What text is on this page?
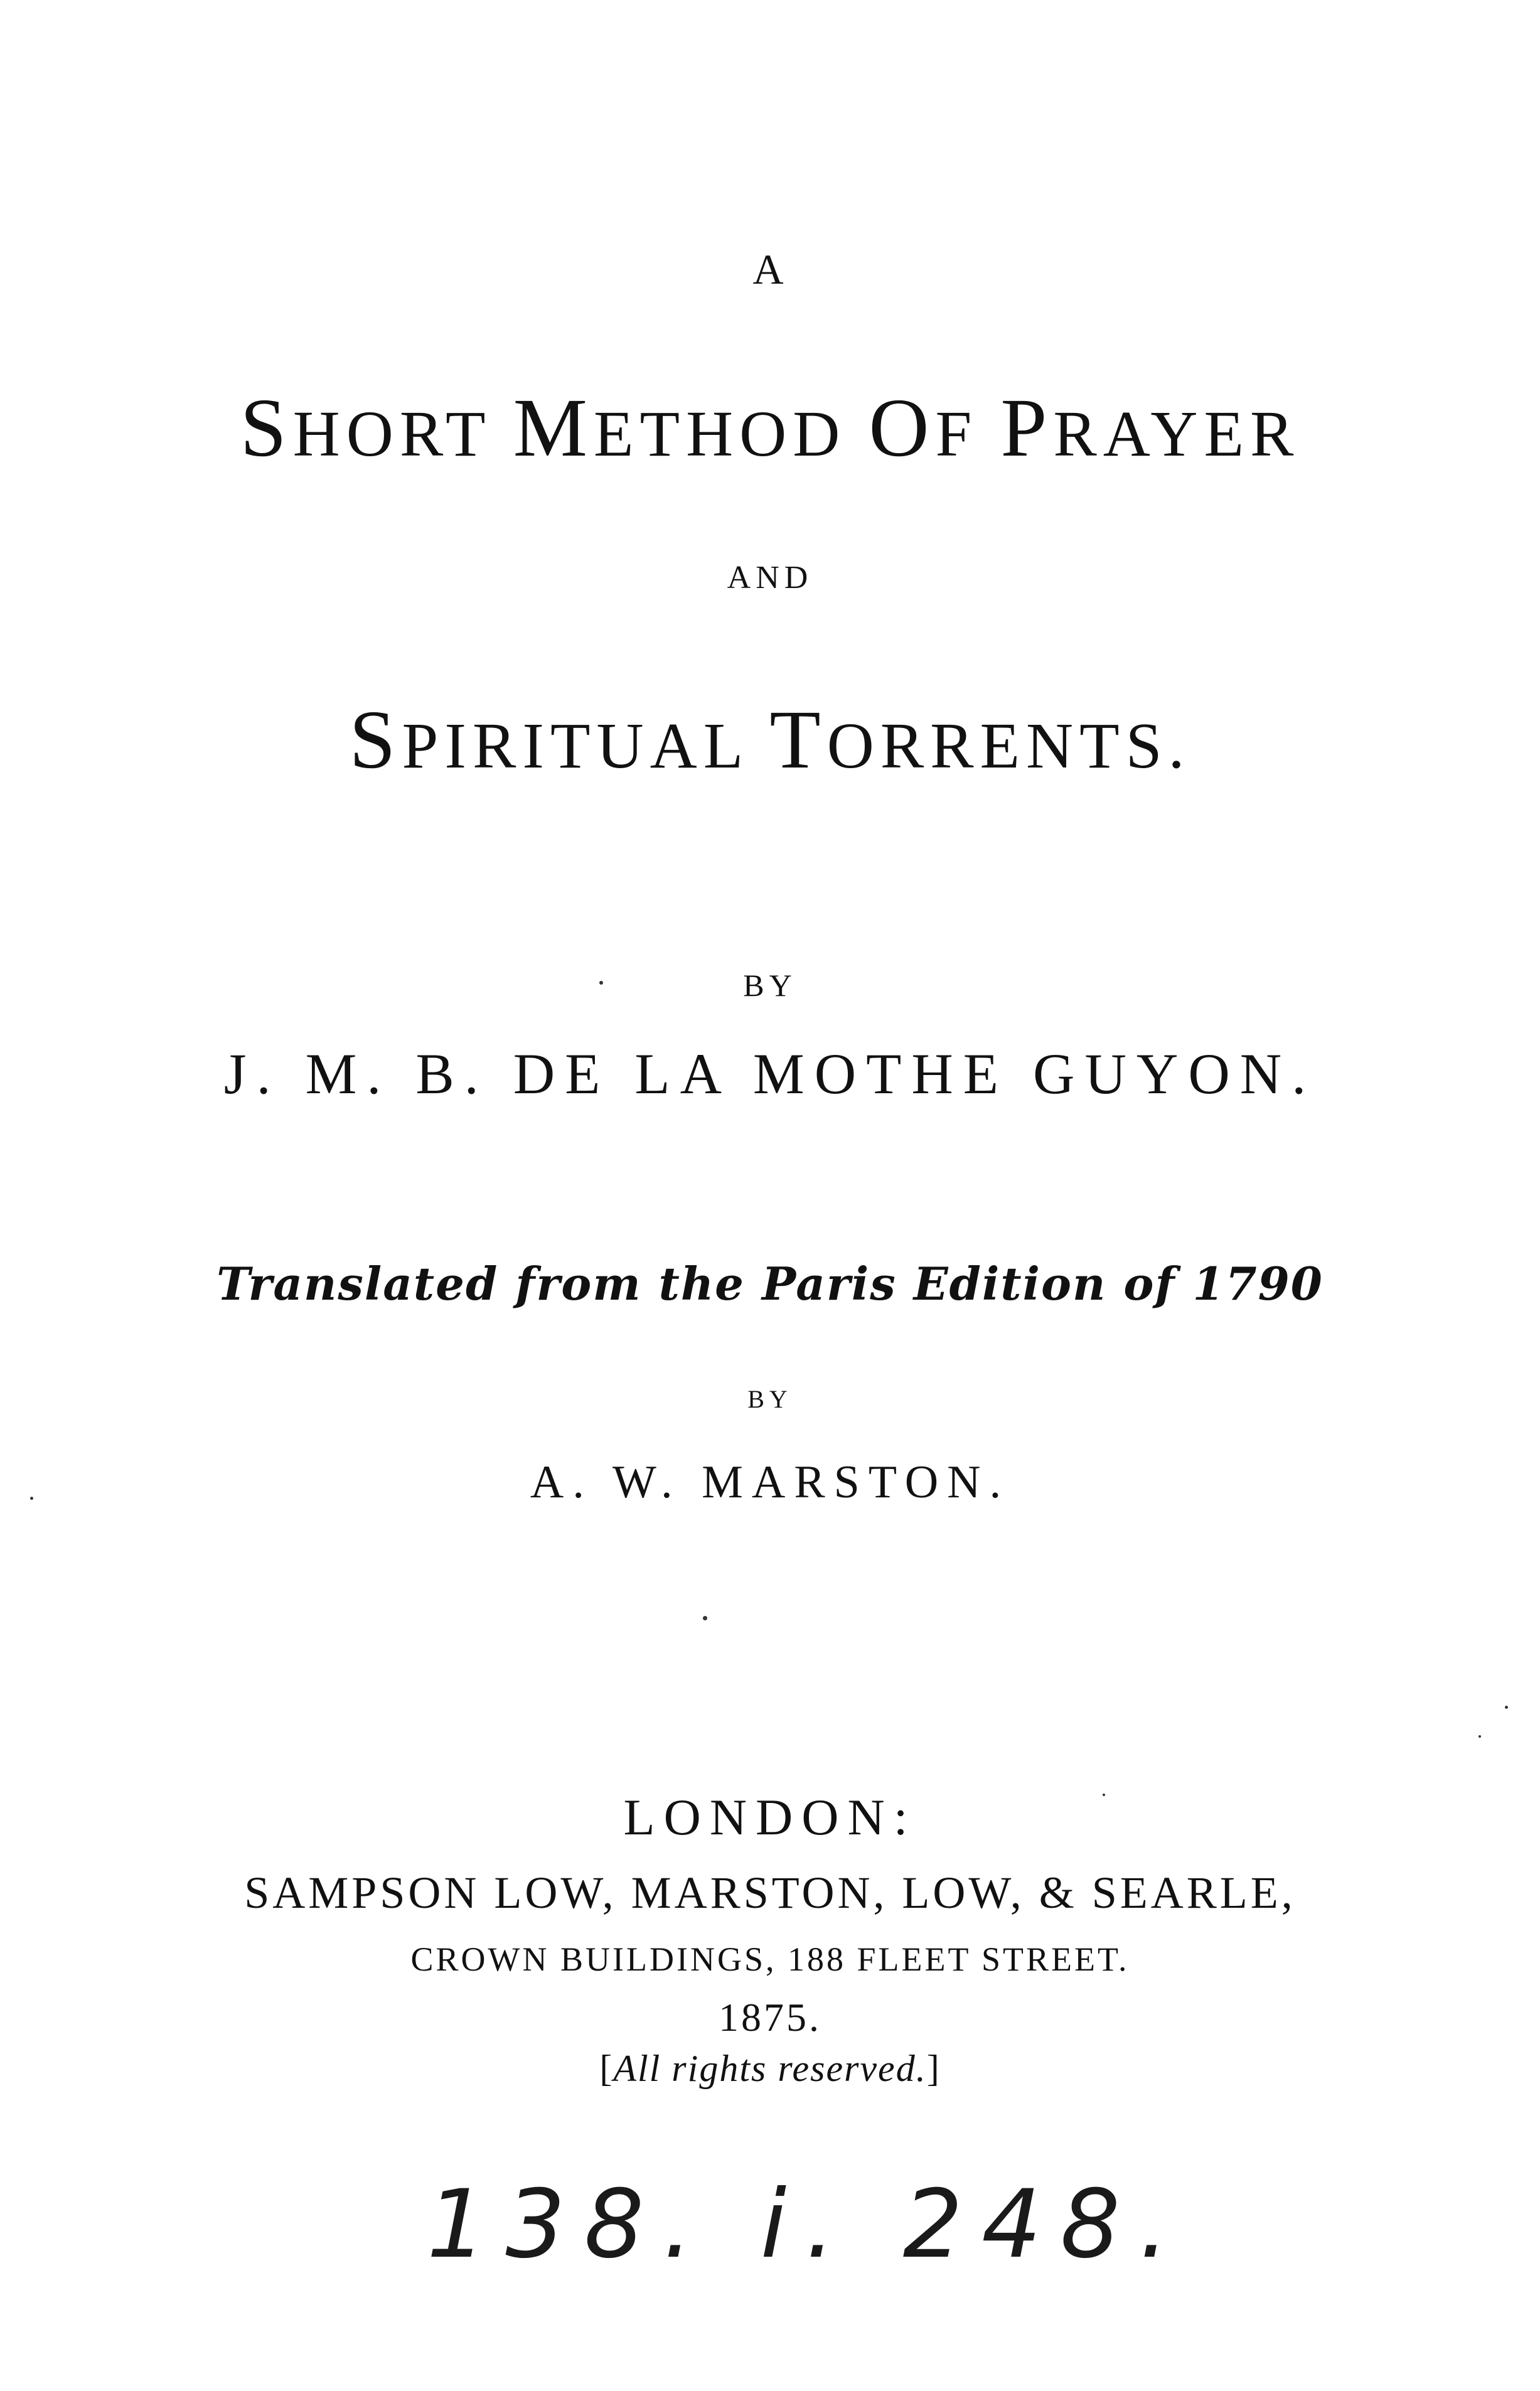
A
SHORT METHOD OF PRAYER
AND
SPIRITUAL TORRENTS.
BY
J. M. B. DE LA MOTHE GUYON.
Translated from the Paris Edition of 1790
BY
A. W. MARSTON.
LONDON:
SAMPSON LOW, MARSTON, LOW, & SEARLE,
CROWN BUILDINGS, 188 FLEET STREET.
1875.
[All rights reserved.]
138. i. 248.
